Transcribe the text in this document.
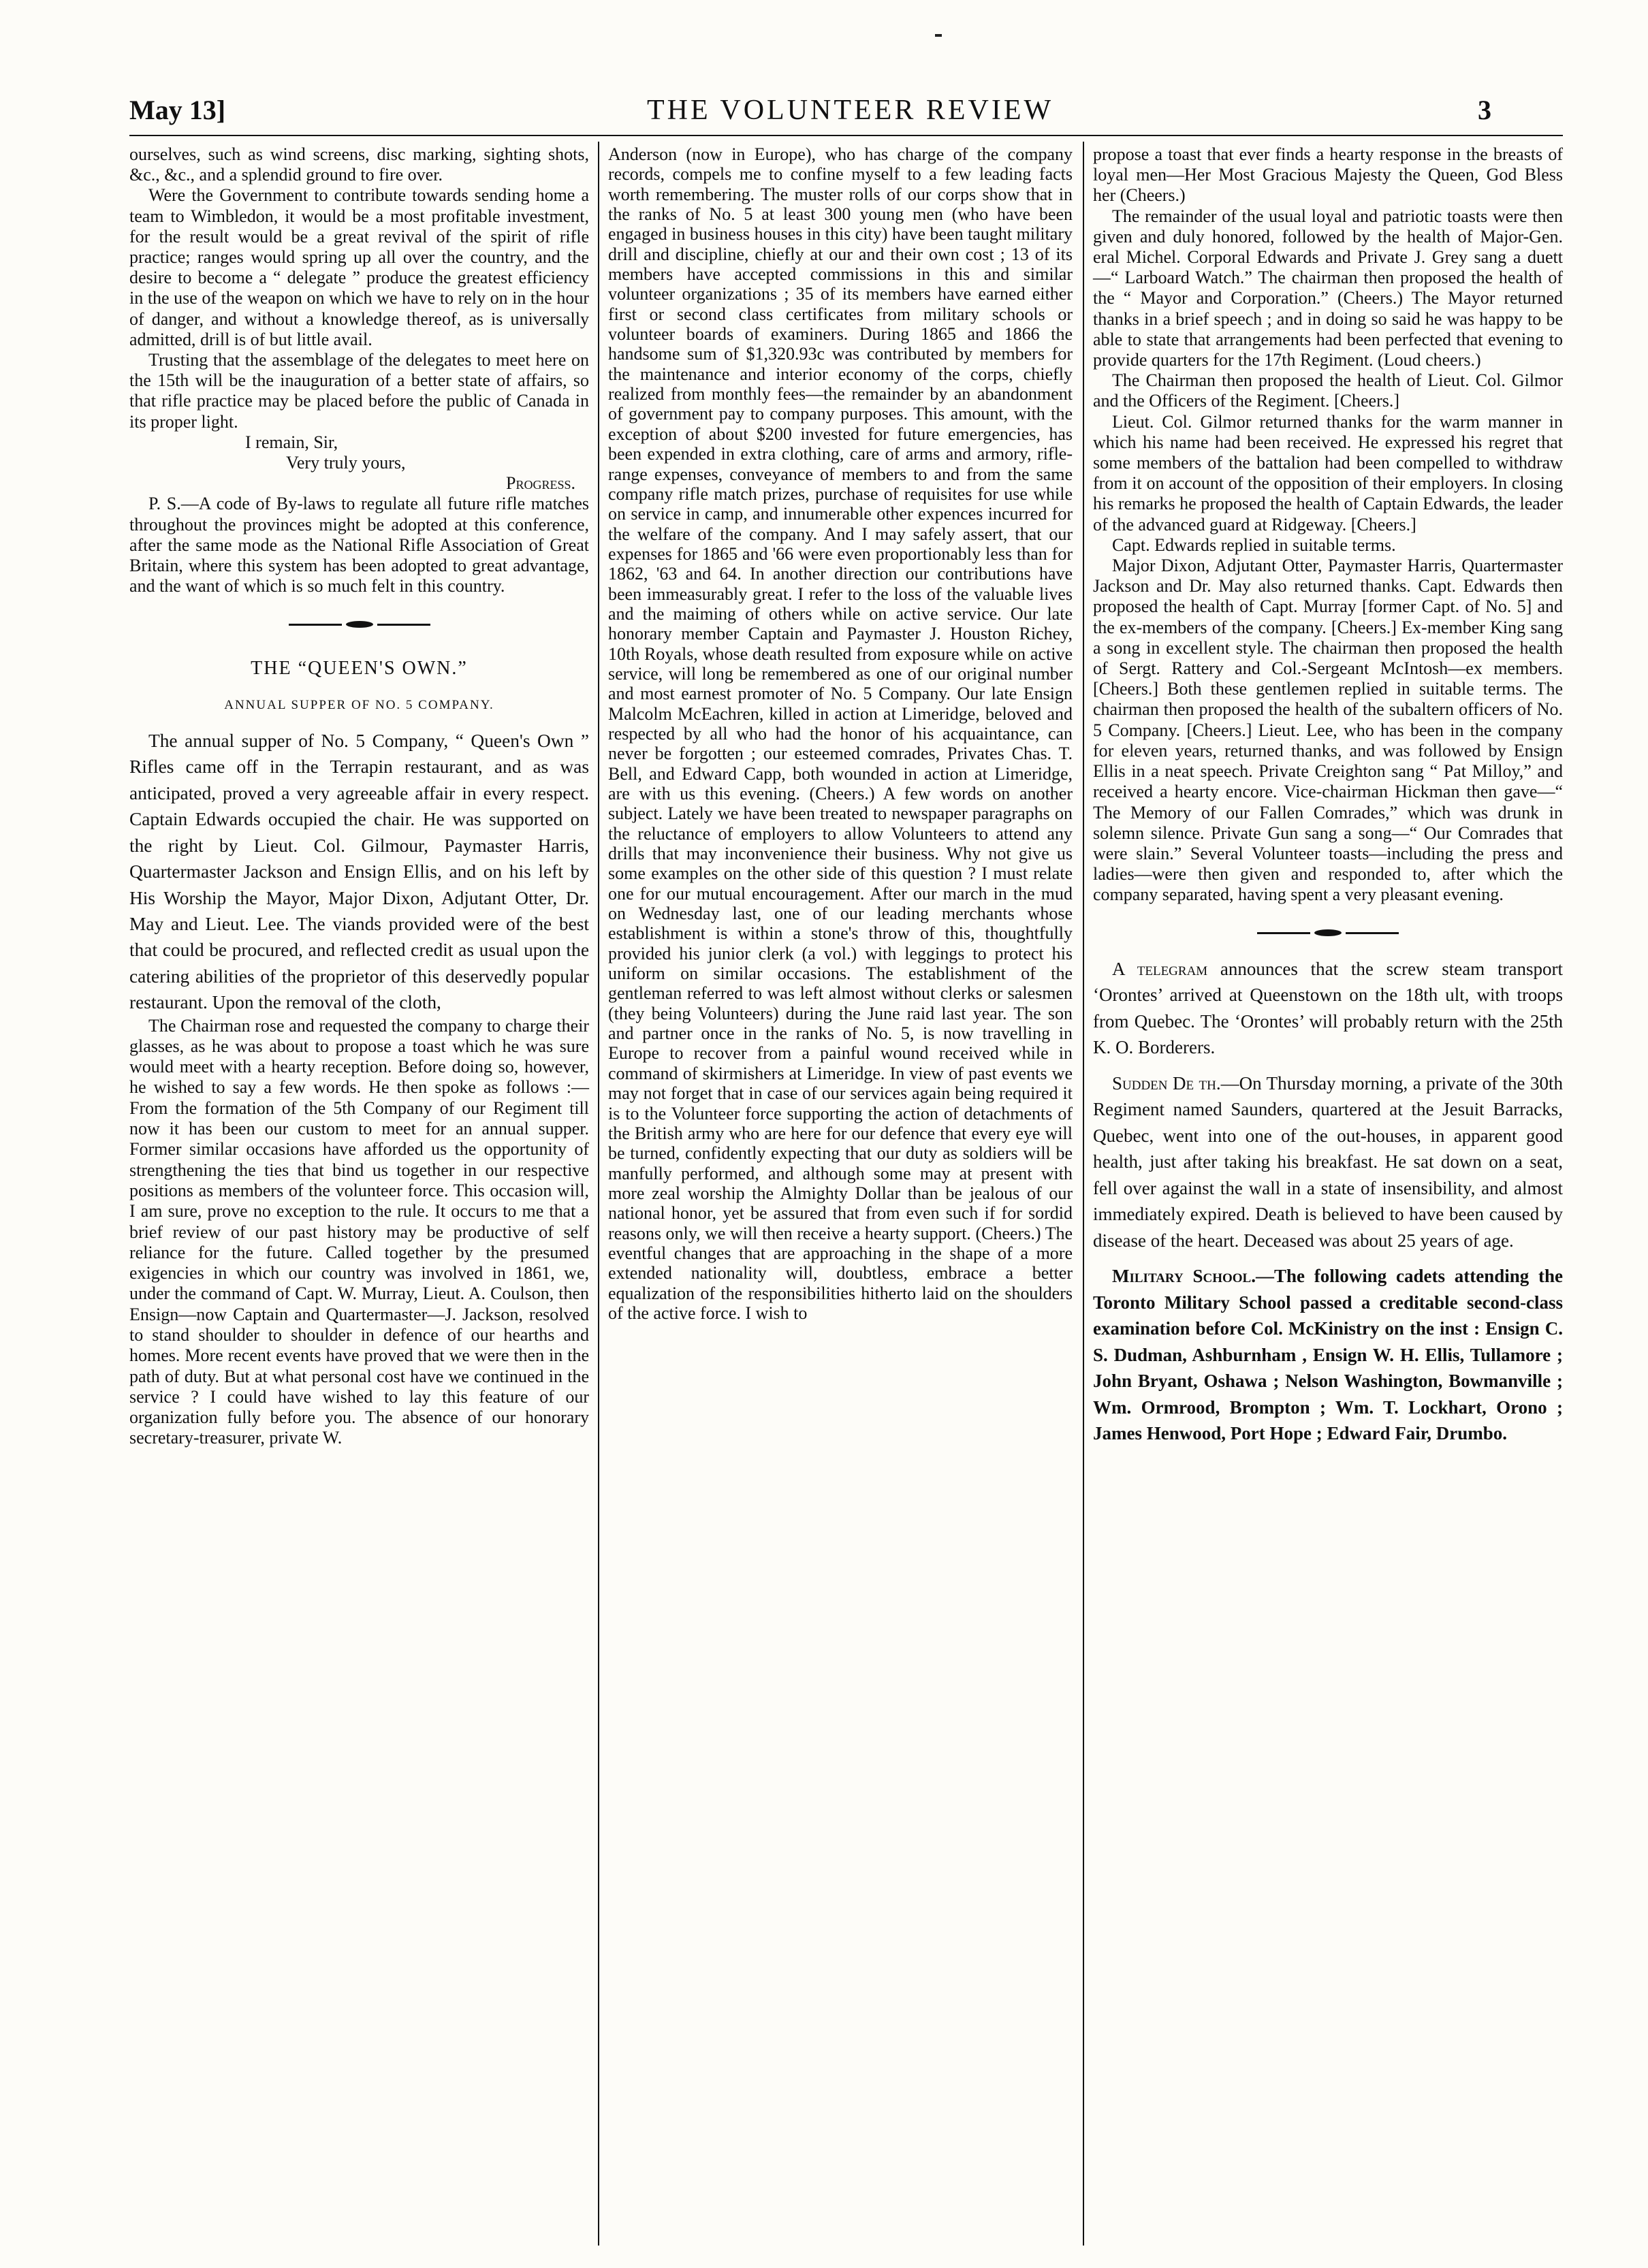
May 13]	THE VOLUNTEER REVIEW	3

ourselves, such as wind screens, disc marking, sighting shots, &c., &c., and a splendid ground to fire over.

Were the Government to contribute towards sending home a team to Wimbledon, it would be a most profitable investment, for the result would be a great revival of the spirit of rifle practice; ranges would spring up all over the country, and the desire to become a “ delegate ” produce the greatest efficiency in the use of the weapon on which we have to rely on in the hour of danger, and without a knowledge thereof, as is universally admitted, drill is of but little avail.

Trusting that the assemblage of the delegates to meet here on the 15th will be the inauguration of a better state of affairs, so that rifle practice may be placed before the public of Canada in its proper light.

I remain, Sir,

Very truly yours,

Progress.

P. S.—A code of By-laws to regulate all future rifle matches throughout the provinces might be adopted at this conference, after the same mode as the National Rifle Association of Great Britain, where this system has been adopted to great advantage, and the want of which is so much felt in this country.

THE “QUEEN'S OWN.”
ANNUAL SUPPER OF NO. 5 COMPANY.

The annual supper of No. 5 Company, “ Queen's Own ” Rifles came off in the Terrapin restaurant, and as was anticipated, proved a very agreeable affair in every respect. Captain Edwards occupied the chair. He was supported on the right by Lieut. Col. Gilmour, Paymaster Harris, Quartermaster Jackson and Ensign Ellis, and on his left by His Worship the Mayor, Major Dixon, Adjutant Otter, Dr. May and Lieut. Lee. The viands provided were of the best that could be procured, and reflected credit as usual upon the catering abilities of the proprietor of this deservedly popular restaurant. Upon the removal of the cloth,

The Chairman rose and requested the company to charge their glasses, as he was about to propose a toast which he was sure would meet with a hearty reception. Before doing so, however, he wished to say a few words. He then spoke as follows :— From the formation of the 5th Company of our Regiment till now it has been our custom to meet for an annual supper. Former similar occasions have afforded us the opportunity of strengthening the ties that bind us together in our respective positions as members of the volunteer force. This occasion will, I am sure, prove no exception to the rule. It occurs to me that a brief review of our past history may be productive of self reliance for the future. Called together by the presumed exigencies in which our country was involved in 1861, we, under the command of Capt. W. Murray, Lieut. A. Coulson, then Ensign—now Captain and Quartermaster—J. Jackson, resolved to stand shoulder to shoulder in defence of our hearths and homes. More recent events have proved that we were then in the path of duty. But at what personal cost have we continued in the service ? I could have wished to lay this feature of our organization fully before you. The absence of our honorary secretary-treasurer, private W.

Anderson (now in Europe), who has charge of the company records, compels me to confine myself to a few leading facts worth remembering. The muster rolls of our corps show that in the ranks of No. 5 at least 300 young men (who have been engaged in business houses in this city) have been taught military drill and discipline, chiefly at our and their own cost ; 13 of its members have accepted commissions in this and similar volunteer organizations ; 35 of its members have earned either first or second class certificates from military schools or volunteer boards of examiners. During 1865 and 1866 the handsome sum of $1,320.93c was contributed by members for the maintenance and interior economy of the corps, chiefly realized from monthly fees—the remainder by an abandonment of government pay to company purposes. This amount, with the exception of about $200 invested for future emergencies, has been expended in extra clothing, care of arms and armory, rifle-range expenses, conveyance of members to and from the same company rifle match prizes, purchase of requisites for use while on service in camp, and innumerable other expences incurred for the welfare of the company. And I may safely assert, that our expenses for 1865 and '66 were even proportionably less than for 1862, '63 and 64. In another direction our contributions have been immeasurably great. I refer to the loss of the valuable lives and the maiming of others while on active service. Our late honorary member Captain and Paymaster J. Houston Richey, 10th Royals, whose death resulted from exposure while on active service, will long be remembered as one of our original number and most earnest promoter of No. 5 Company. Our late Ensign Malcolm McEachren, killed in action at Limeridge, beloved and respected by all who had the honor of his acquaintance, can never be forgotten ; our esteemed comrades, Privates Chas. T. Bell, and Edward Capp, both wounded in action at Limeridge, are with us this evening. (Cheers.) A few words on another subject. Lately we have been treated to newspaper paragraphs on the reluctance of employers to allow Volunteers to attend any drills that may inconvenience their business. Why not give us some examples on the other side of this question ? I must relate one for our mutual encouragement. After our march in the mud on Wednesday last, one of our leading merchants whose establishment is within a stone's throw of this, thoughtfully provided his junior clerk (a vol.) with leggings to protect his uniform on similar occasions. The establishment of the gentleman referred to was left almost without clerks or salesmen (they being Volunteers) during the June raid last year. The son and partner once in the ranks of No. 5, is now travelling in Europe to recover from a painful wound received while in command of skirmishers at Limeridge. In view of past events we may not forget that in case of our services again being required it is to the Volunteer force supporting the action of detachments of the British army who are here for our defence that every eye will be turned, confidently expecting that our duty as soldiers will be manfully performed, and although some may at present with more zeal worship the Almighty Dollar than be jealous of our national honor, yet be assured that from even such if for sordid reasons only, we will then receive a hearty support. (Cheers.) The eventful changes that are approaching in the shape of a more extended nationality will, doubtless, embrace a better equalization of the responsibilities hitherto laid on the shoulders of the active force. I wish to

propose a toast that ever finds a hearty response in the breasts of loyal men—Her Most Gracious Majesty the Queen, God Bless her (Cheers.)

The remainder of the usual loyal and patriotic toasts were then given and duly honored, followed by the health of Major-Gen. eral Michel. Corporal Edwards and Private J. Grey sang a duett—“ Larboard Watch.” The chairman then proposed the health of the “ Mayor and Corporation.” (Cheers.) The Mayor returned thanks in a brief speech ; and in doing so said he was happy to be able to state that arrangements had been perfected that evening to provide quarters for the 17th Regiment. (Loud cheers.)

The Chairman then proposed the health of Lieut. Col. Gilmor and the Officers of the Regiment. [Cheers.]

Lieut. Col. Gilmor returned thanks for the warm manner in which his name had been received. He expressed his regret that some members of the battalion had been compelled to withdraw from it on account of the opposition of their employers. In closing his remarks he proposed the health of Captain Edwards, the leader of the advanced guard at Ridgeway. [Cheers.]

Capt. Edwards replied in suitable terms.

Major Dixon, Adjutant Otter, Paymaster Harris, Quartermaster Jackson and Dr. May also returned thanks. Capt. Edwards then proposed the health of Capt. Murray [former Capt. of No. 5] and the ex-members of the company. [Cheers.] Ex-member King sang a song in excellent style. The chairman then proposed the health of Sergt. Rattery and Col.-Sergeant McIntosh—ex members. [Cheers.] Both these gentlemen replied in suitable terms. The chairman then proposed the health of the subaltern officers of No. 5 Company. [Cheers.] Lieut. Lee, who has been in the company for eleven years, returned thanks, and was followed by Ensign Ellis in a neat speech. Private Creighton sang “ Pat Milloy,” and received a hearty encore. Vice-chairman Hickman then gave—“ The Memory of our Fallen Comrades,” which was drunk in solemn silence. Private Gun sang a song—“ Our Comrades that were slain.” Several Volunteer toasts—including the press and ladies—were then given and responded to, after which the company separated, having spent a very pleasant evening.

A telegram announces that the screw steam transport ‘Orontes’ arrived at Queenstown on the 18th ult, with troops from Quebec. The ‘Orontes’ will probably return with the 25th K. O. Borderers.

Sudden De th.—On Thursday morning, a private of the 30th Regiment named Saunders, quartered at the Jesuit Barracks, Quebec, went into one of the out-houses, in apparent good health, just after taking his breakfast. He sat down on a seat, fell over against the wall in a state of insensibility, and almost immediately expired. Death is believed to have been caused by disease of the heart. Deceased was about 25 years of age.

Military School.—The following cadets attending the Toronto Military School passed a creditable second-class examination before Col. McKinistry on the inst : Ensign C. S. Dudman, Ashburnham , Ensign W. H. Ellis, Tullamore ; John Bryant, Oshawa ; Nelson Washington, Bowmanville ; Wm. Ormrood, Brompton ; Wm. T. Lockhart, Orono ; James Henwood, Port Hope ; Edward Fair, Drumbo.
